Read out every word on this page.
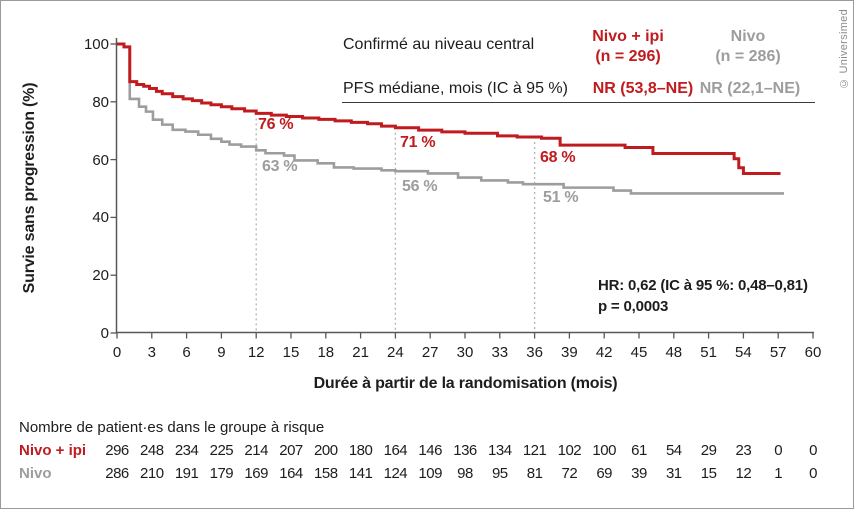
Survie sans progression (%)
Durée à partir de la randomisation (mois)
0
20
40
60
80
100
0	3	6	9	12	15	18	21	24	27	30	33	36	39	42	45	48	51	54	57	60
Confirmé au niveau central	Nivo + ipi
(n = 296)
Nivo
(n = 286)
PFS médiane, mois (IC à 95 %)	NR (53,8–NE) NR (22,1–NE)
76 %
63 %
71 %
56 %
68 %
51 %
HR: 0,62 (IC à 95 %: 0,48–0,81)
p = 0,0003
Nombre de patient·es dans le groupe à risque
Nivo + ipi
Nivo
296 248 234 225 214 207 200 180 164 146 136 134 121 102 100	61	54	29	23	0	0
286 210 191 179 169 164 158 141 124 109	98	95	81	72	69	39	31	15	12	1	0
© Universimed
